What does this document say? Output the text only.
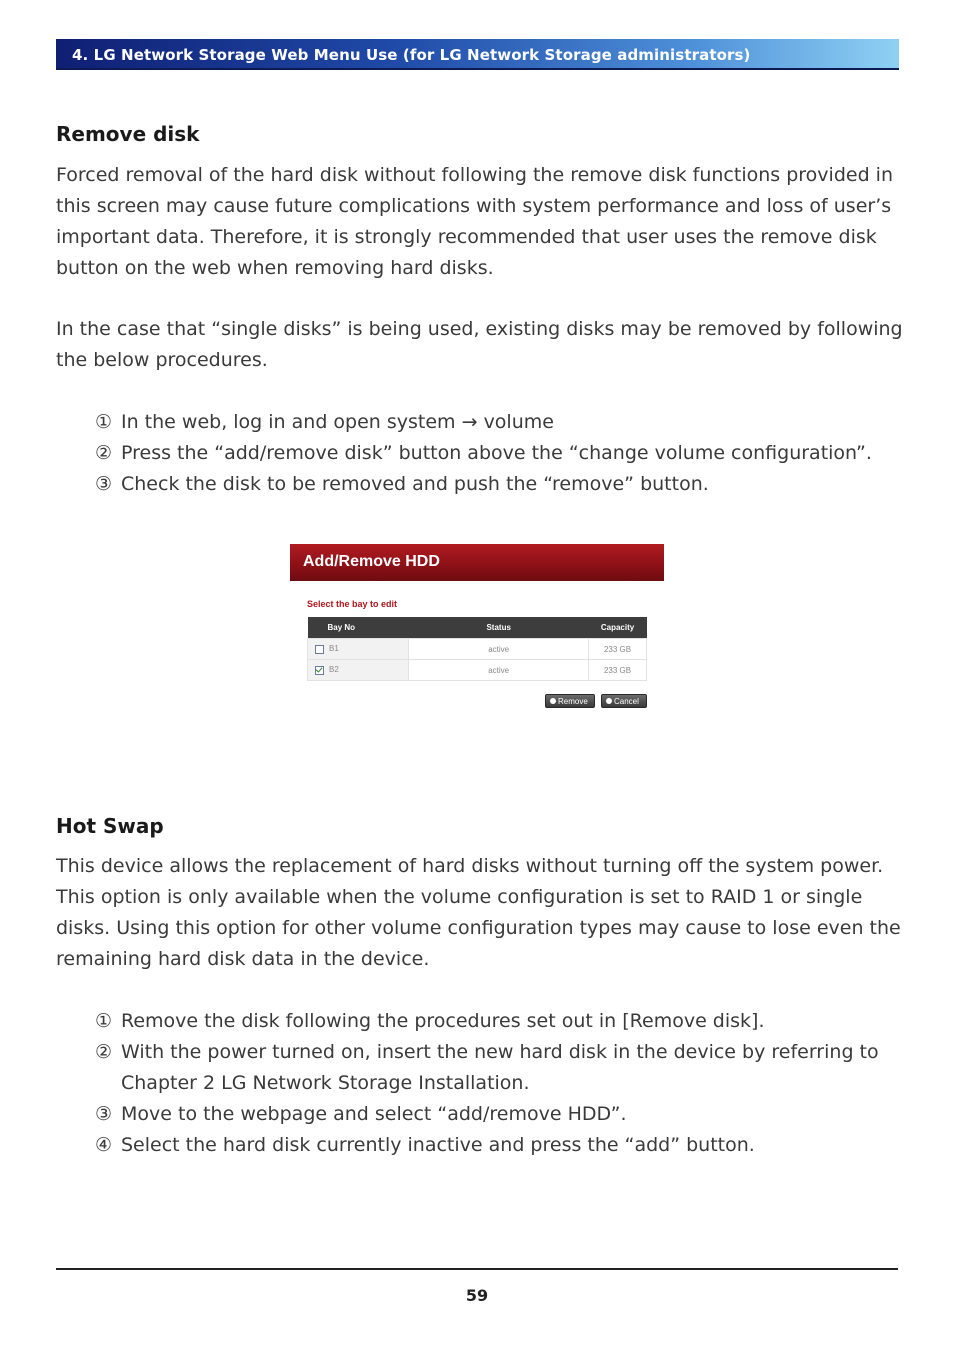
4. LG Network Storage Web Menu Use (for LG Network Storage administrators)
Remove disk

Forced removal of the hard disk without following the remove disk functions provided in this screen may cause future complications with system performance and loss of user’s important data. Therefore, it is strongly recommended that user uses the remove disk button on the web when removing hard disks.

In the case that “single disks” is being used, existing disks may be removed by following the below procedures.

① In the web, log in and open system → volume
② Press the “add/remove disk” button above the “change volume configuration”.
③ Check the disk to be removed and push the “remove” button.
Add/Remove HDD
Select the bay to edit
Bay No	Status	Capacity
B1	active	233 GB
B2	active	233 GB
Remove	Cancel
Hot Swap

This device allows the replacement of hard disks without turning off the system power. This option is only available when the volume configuration is set to RAID 1 or single disks. Using this option for other volume configuration types may cause to lose even the remaining hard disk data in the device.

① Remove the disk following the procedures set out in [Remove disk].
② With the power turned on, insert the new hard disk in the device by referring to Chapter 2 LG Network Storage Installation.
③ Move to the webpage and select “add/remove HDD”.
④ Select the hard disk currently inactive and press the “add” button.
59
